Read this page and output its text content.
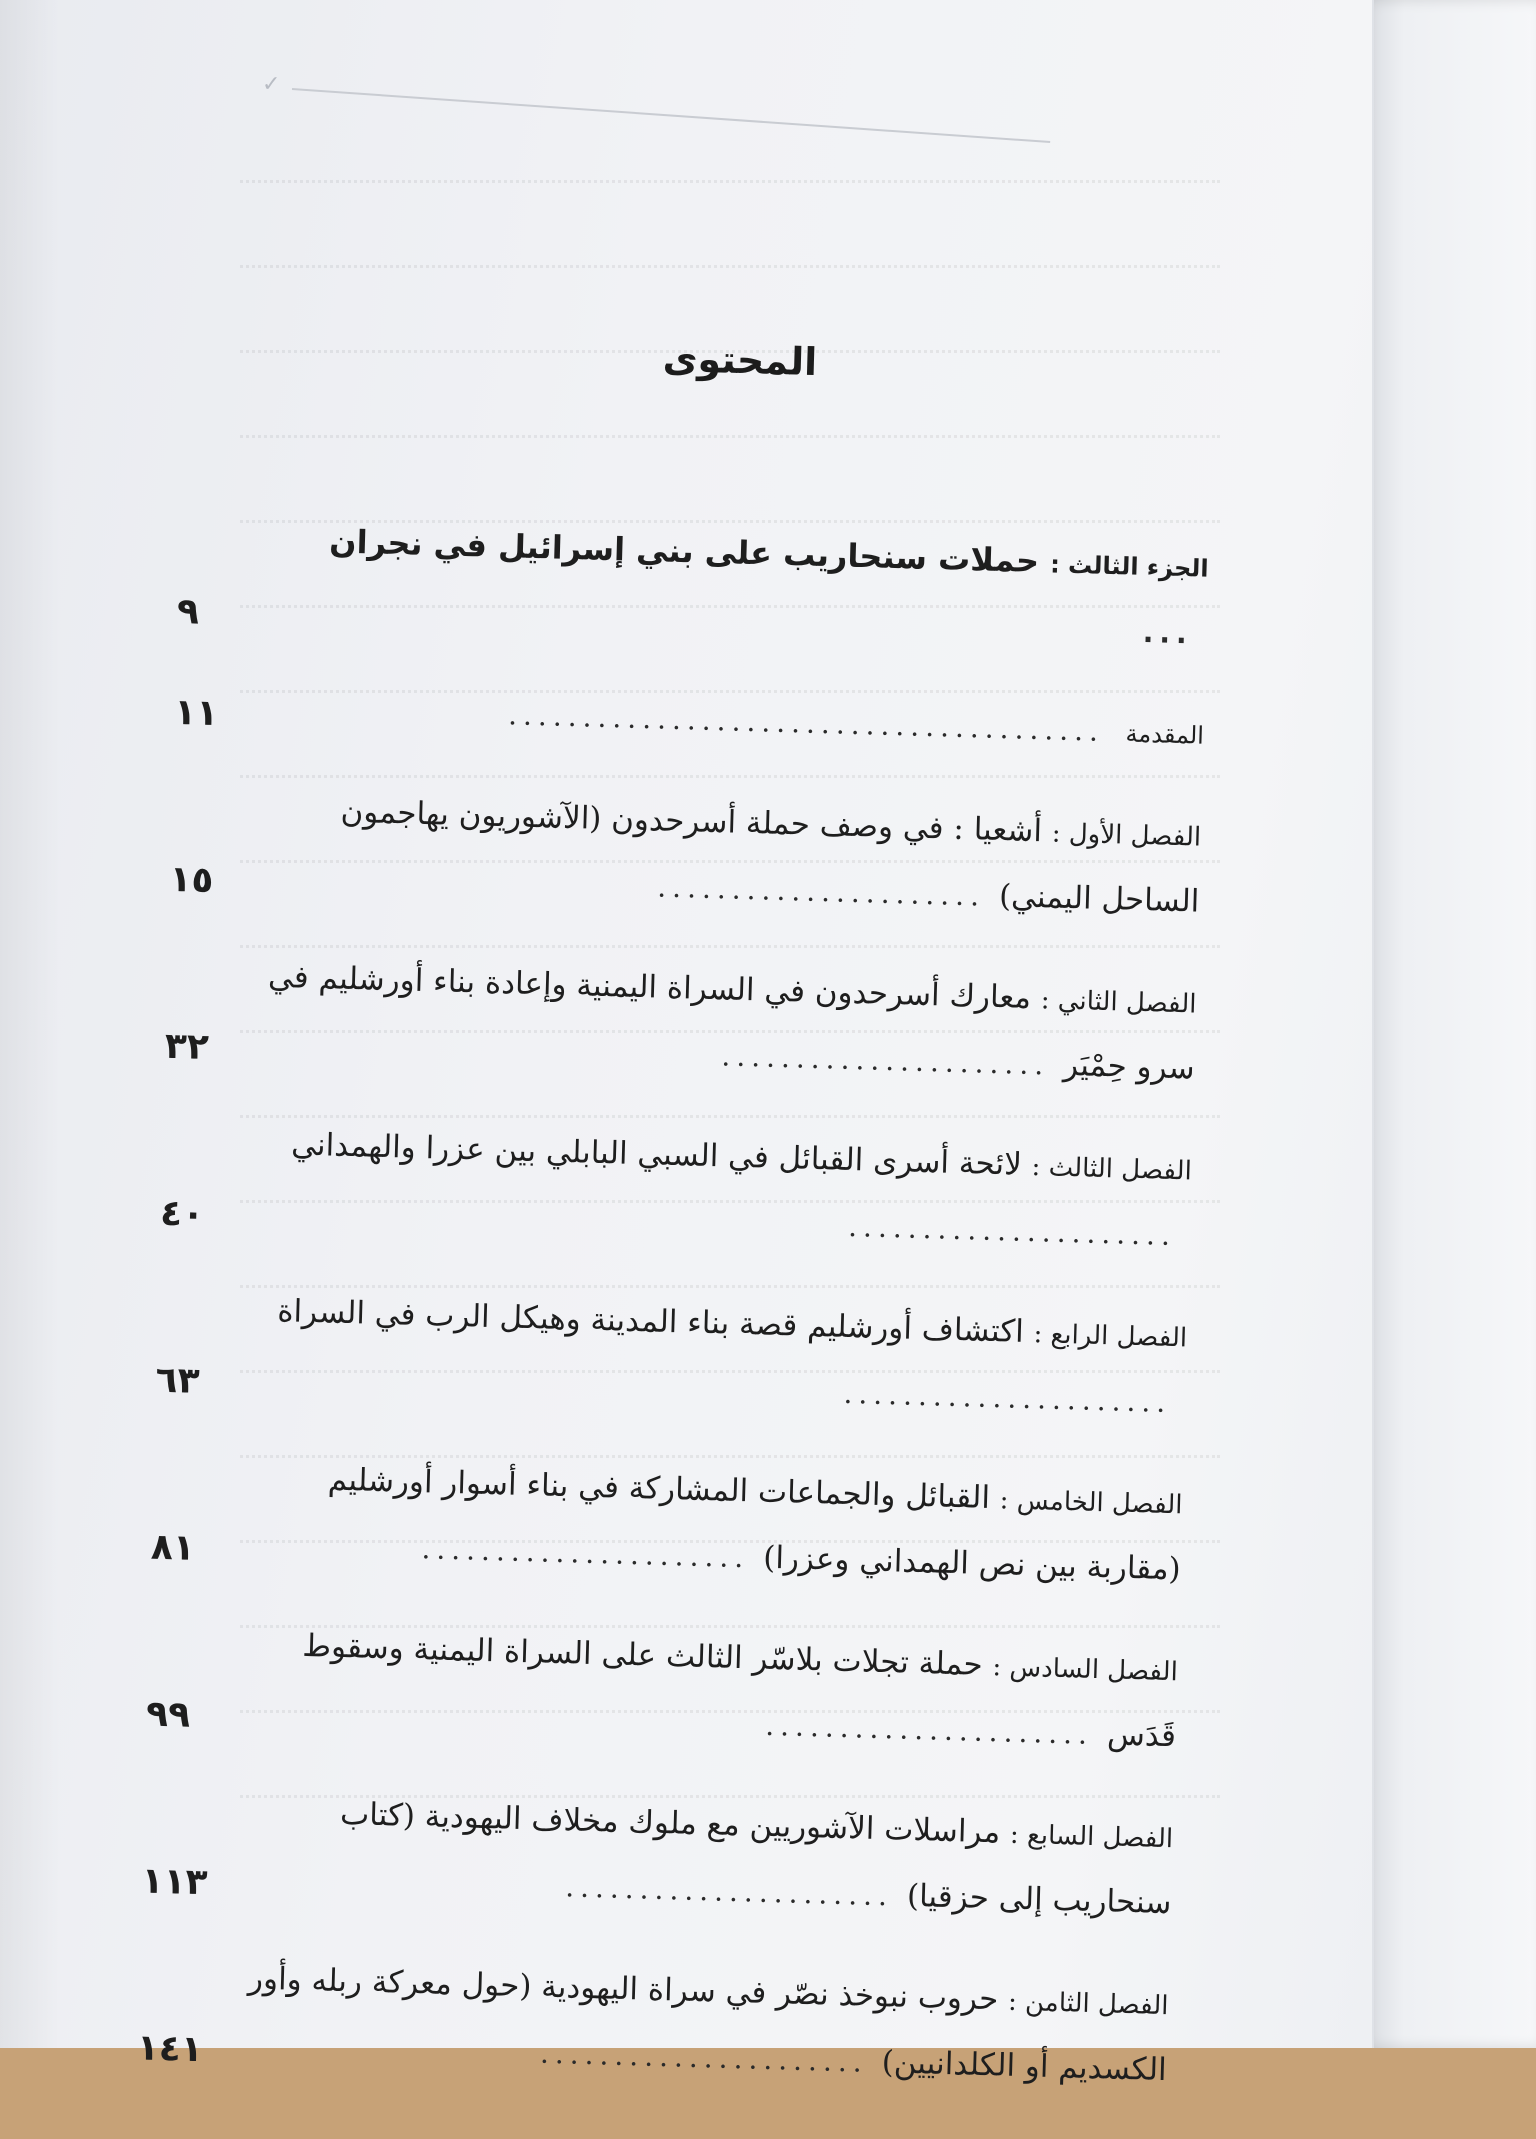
✓
المحتوى
٩
الجزء الثالث : حملات سنحاريب على بني إسرائيل في نجران...
١١
المقدمة ........................................
١٥
الفصل الأول : أشعيا : في وصف حملة أسرحدون (الآشوريون يهاجمون الساحل اليمني)......................
٣٢
الفصل الثاني : معارك أسرحدون في السراة اليمنية وإعادة بناء أورشليم في سرو حِمْيَر......................
٤٠
الفصل الثالث : لائحة أسرى القبائل في السبي البابلي بين عزرا والهمداني......................
٦٣
الفصل الرابع : اكتشاف أورشليم قصة بناء المدينة وهيكل الرب في السراة......................
٨١
الفصل الخامس : القبائل والجماعات المشاركة في بناء أسوار أورشليم (مقاربة بين نص الهمداني وعزرا)......................
٩٩
الفصل السادس : حملة تجلات بلاسّر الثالث على السراة اليمنية وسقوط قَدَس......................
١١٣
الفصل السابع : مراسلات الآشوريين مع ملوك مخلاف اليهودية (كتاب سنحاريب إلى حزقيا)......................
١٤١
الفصل الثامن : حروب نبوخذ نصّر في سراة اليهودية (حول معركة ربله وأور الكسديم أو الكلدانيين)......................
